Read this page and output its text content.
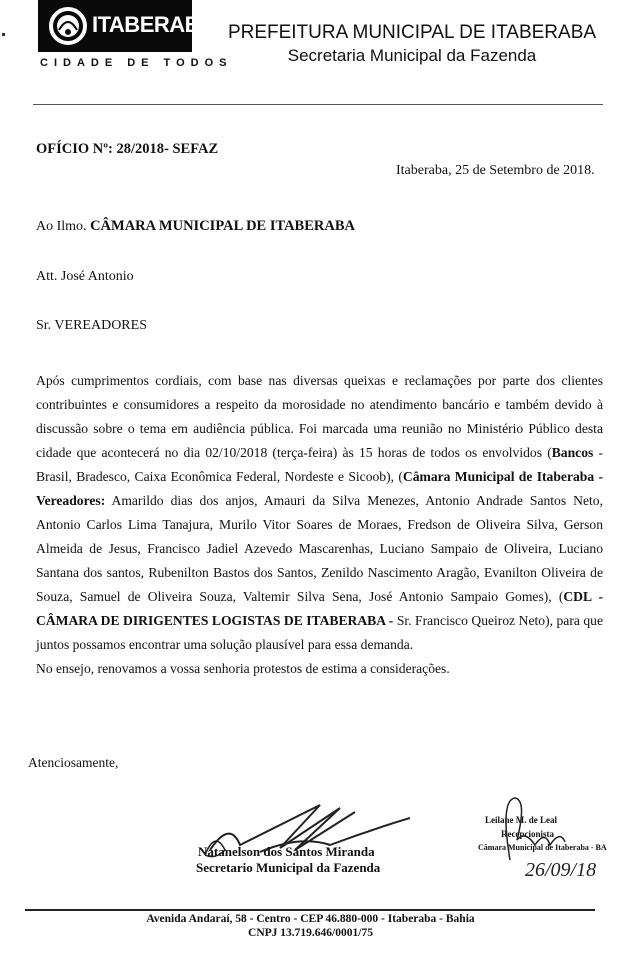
ITABERABA
CIDADE DE TODOS
PREFEITURA MUNICIPAL DE ITABERABA
Secretaria Municipal da Fazenda
OFÍCIO Nº: 28/2018- SEFAZ
Itaberaba, 25 de Setembro de 2018.
Ao Ilmo. CÂMARA MUNICIPAL DE ITABERABA
Att. José Antonio
Sr. VEREADORES

Após cumprimentos cordiais, com base nas diversas queixas e reclamações por parte dos clientes contribuintes e consumidores a respeito da morosidade no atendimento bancário e também devido à discussão sobre o tema em audiência pública. Foi marcada uma reunião no Ministério Público desta cidade que acontecerá no dia 02/10/2018 (terça-feira) às 15 horas de todos os envolvidos (Bancos - Brasil, Bradesco, Caixa Econômica Federal, Nordeste e Sicoob), (Câmara Municipal de Itaberaba - Vereadores: Amarildo dias dos anjos, Amauri da Silva Menezes, Antonio Andrade Santos Neto, Antonio Carlos Lima Tanajura, Murilo Vitor Soares de Moraes, Fredson de Oliveira Silva, Gerson Almeida de Jesus, Francisco Jadiel Azevedo Mascarenhas, Luciano Sampaio de Oliveira, Luciano Santana dos santos, Rubenilton Bastos dos Santos, Zenildo Nascimento Aragão, Evanilton Oliveira de Souza, Samuel de Oliveira Souza, Valtemir Silva Sena, José Antonio Sampaio Gomes), (CDL - CÂMARA DE DIRIGENTES LOGISTAS DE ITABERABA - Sr. Francisco Queiroz Neto), para que juntos possamos encontrar uma solução plausível para essa demanda.

No ensejo, renovamos a vossa senhoria protestos de estima a considerações.

Atenciosamente,
Natanelson dos Santos Miranda
Secretario Municipal da Fazenda
Leilane M. de Leal
Recepcionista
Câmara Municipal de Itaberaba - BA
26/09/18
Avenida Andaraí, 58 - Centro - CEP 46.880-000 - Itaberaba - Bahia
CNPJ 13.719.646/0001/75
